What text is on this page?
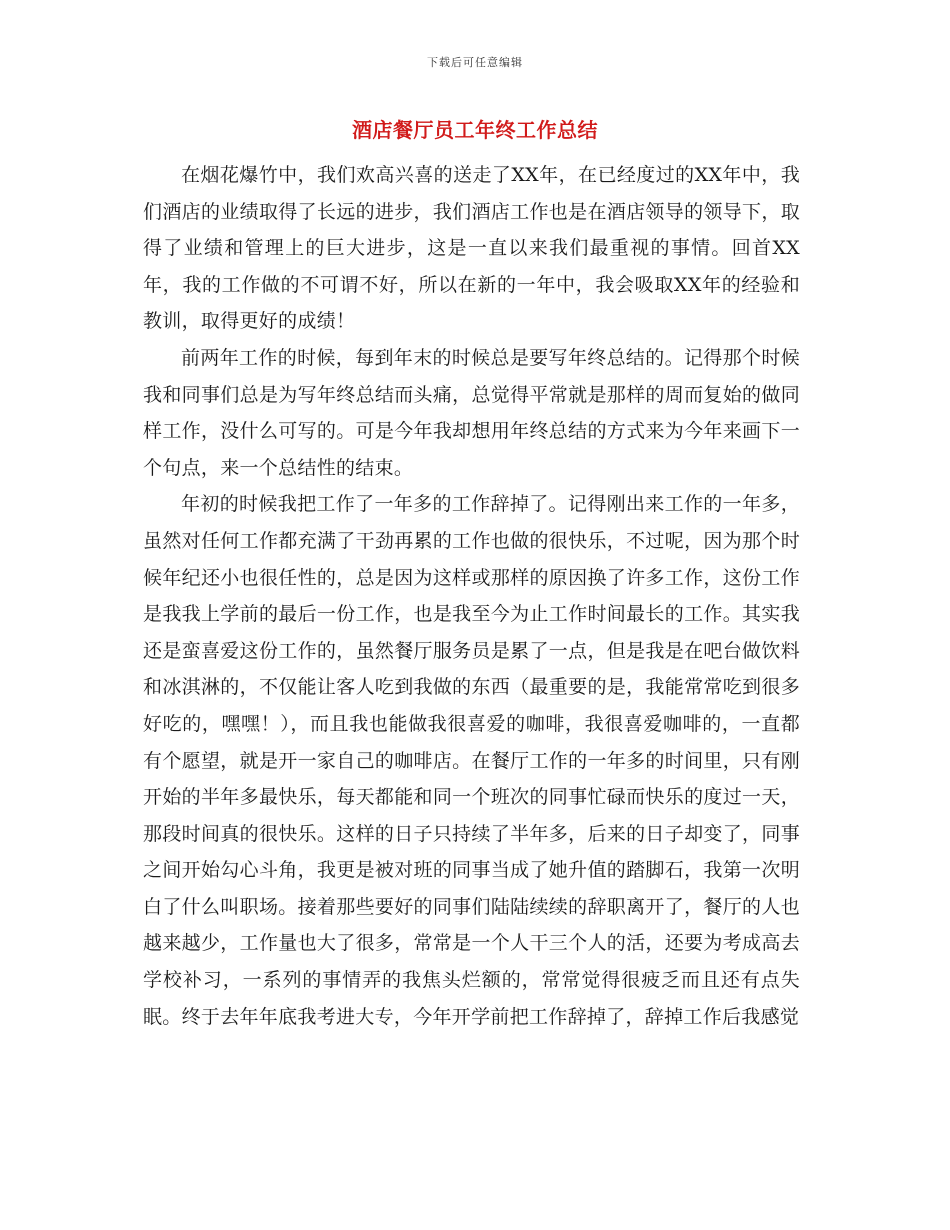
下载后可任意编辑
酒店餐厅员工年终工作总结

在烟花爆竹中，我们欢高兴喜的送走了XX年，在已经度过的XX年中，我们酒店的业绩取得了长远的进步，我们酒店工作也是在酒店领导的领导下，取得了业绩和管理上的巨大进步，这是一直以来我们最重视的事情。回首XX年，我的工作做的不可谓不好，所以在新的一年中，我会吸取XX年的经验和教训，取得更好的成绩！

前两年工作的时候，每到年末的时候总是要写年终总结的。记得那个时候我和同事们总是为写年终总结而头痛，总觉得平常就是那样的周而复始的做同样工作，没什么可写的。可是今年我却想用年终总结的方式来为今年来画下一个句点，来一个总结性的结束。

年初的时候我把工作了一年多的工作辞掉了。记得刚出来工作的一年多，虽然对任何工作都充满了干劲再累的工作也做的很快乐，不过呢，因为那个时候年纪还小也很任性的，总是因为这样或那样的原因换了许多工作，这份工作是我我上学前的最后一份工作，也是我至今为止工作时间最长的工作。其实我还是蛮喜爱这份工作的，虽然餐厅服务员是累了一点，但是我是在吧台做饮料和冰淇淋的，不仅能让客人吃到我做的东西（最重要的是，我能常常吃到很多好吃的，嘿嘿！），而且我也能做我很喜爱的咖啡，我很喜爱咖啡的，一直都有个愿望，就是开一家自己的咖啡店。在餐厅工作的一年多的时间里，只有刚开始的半年多最快乐，每天都能和同一个班次的同事忙碌而快乐的度过一天，那段时间真的很快乐。这样的日子只持续了半年多，后来的日子却变了，同事之间开始勾心斗角，我更是被对班的同事当成了她升值的踏脚石，我第一次明白了什么叫职场。接着那些要好的同事们陆陆续续的辞职离开了，餐厅的人也越来越少，工作量也大了很多，常常是一个人干三个人的活，还要为考成高去学校补习，一系列的事情弄的我焦头烂额的，常常觉得很疲乏而且还有点失眠。终于去年年底我考进大专，今年开学前把工作辞掉了，辞掉工作后我感觉
